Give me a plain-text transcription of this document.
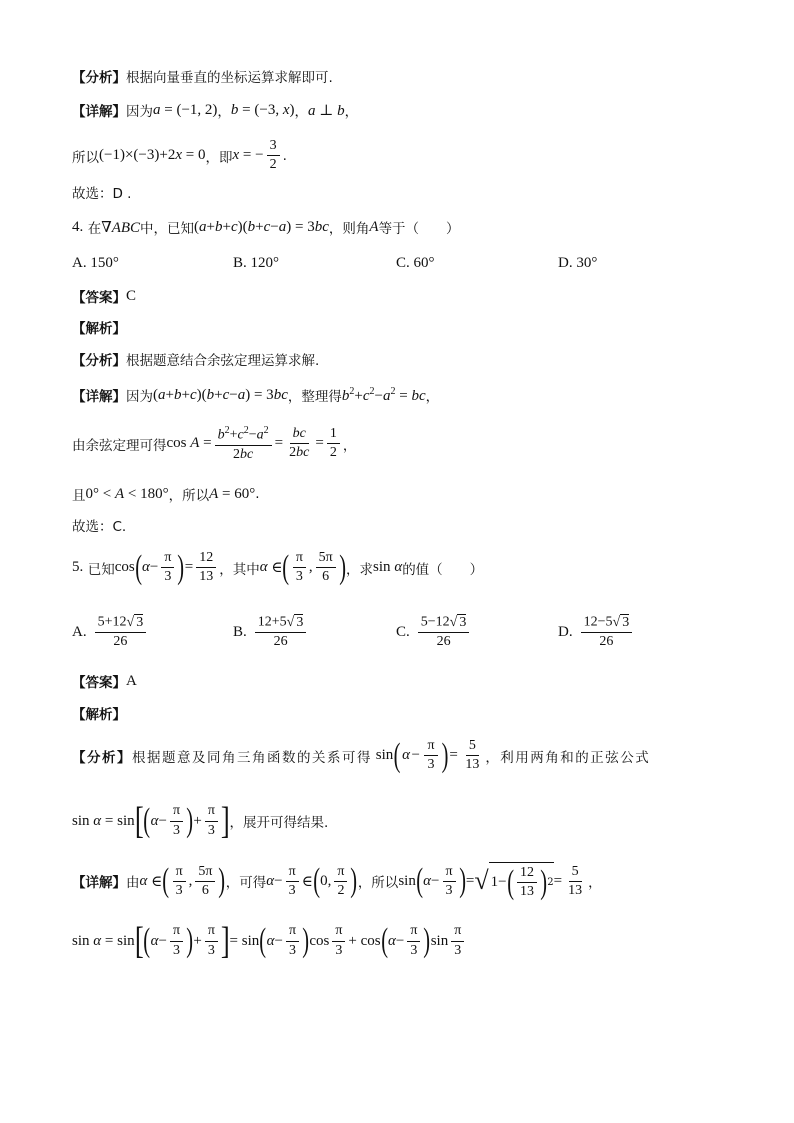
【分析】 根据向量垂直的坐标运算求解即可.
【详解】 因为 a = (−1, 2) ， b = (−3, x) ， a ⊥ b ，
所以 (−1)×(−3)+2x = 0 ，即 x = − $\frac{3}{2}$ .
故选：D .
4.
在 ∇ABC 中，已知 (a+b+c)(b+c−a) = 3bc ，则角 A 等于（　　）
A. 150°	B. 120°	C. 60°	D. 30°
【答案】 C
【解析】
【分析】 根据题意结合余弦定理运算求解.
【详解】 因为 (a+b+c)(b+c−a) = 3bc ，整理得 $b^2+c^2-a^2$ = bc ，
由余弦定理可得 $\cos A = \frac{b^2+c^2-a^2}{2bc} = \frac{bc}{2bc} = \frac{1}{2}$ ，
且 0° < A < 180° ，所以 A = 60° .
故选：C.
5.
已知 cos ( $\alpha - \frac{\pi}{3}$ ) = $\frac{12}{13}$ ，其中 α ∈ ( $\frac{\pi}{3}$ , $\frac{5\pi}{6}$ ) ，求 sin α 的值（　　）
A. $\frac{5+12√ 3}{26}$	B. $\frac{12+5√ 3}{26}$	C. $\frac{5-12√ 3}{26}$	D. $\frac{12-5√ 3}{26}$
【答案】 A
【解析】
【分析】 根据题意及同角三角函数的关系可得 sin ( $\alpha - \frac{\pi}{3}$ ) = $\frac{5}{13}$ ，利用两角和的正弦公式
sin α = sin [ ( $\alpha - \frac{\pi}{3}$ ) + $\frac{\pi}{3}$ ] ，展开可得结果.
【详解】 由 α ∈ ( $\frac{\pi}{3}$ , $\frac{5\pi}{6}$ ) ，可得 $\alpha - \frac{\pi}{3}$ ∈ ( 0, $\frac{\pi}{2}$ ) ，所以 sin ( $\alpha - \frac{\pi}{3}$ ) = √ 1− ( $\frac{12}{13}$ ) $2 = \frac{5}{13}$ ，
sin α = sin [ ( $\alpha - \frac{\pi}{3}$ ) + $\frac{\pi}{3}$ ] = sin ( $\alpha - \frac{\pi}{3}$ ) $\cos \frac{\pi}{3} + \cos$ ( $\alpha - \frac{\pi}{3}$ ) $\sin \frac{\pi}{3}$
